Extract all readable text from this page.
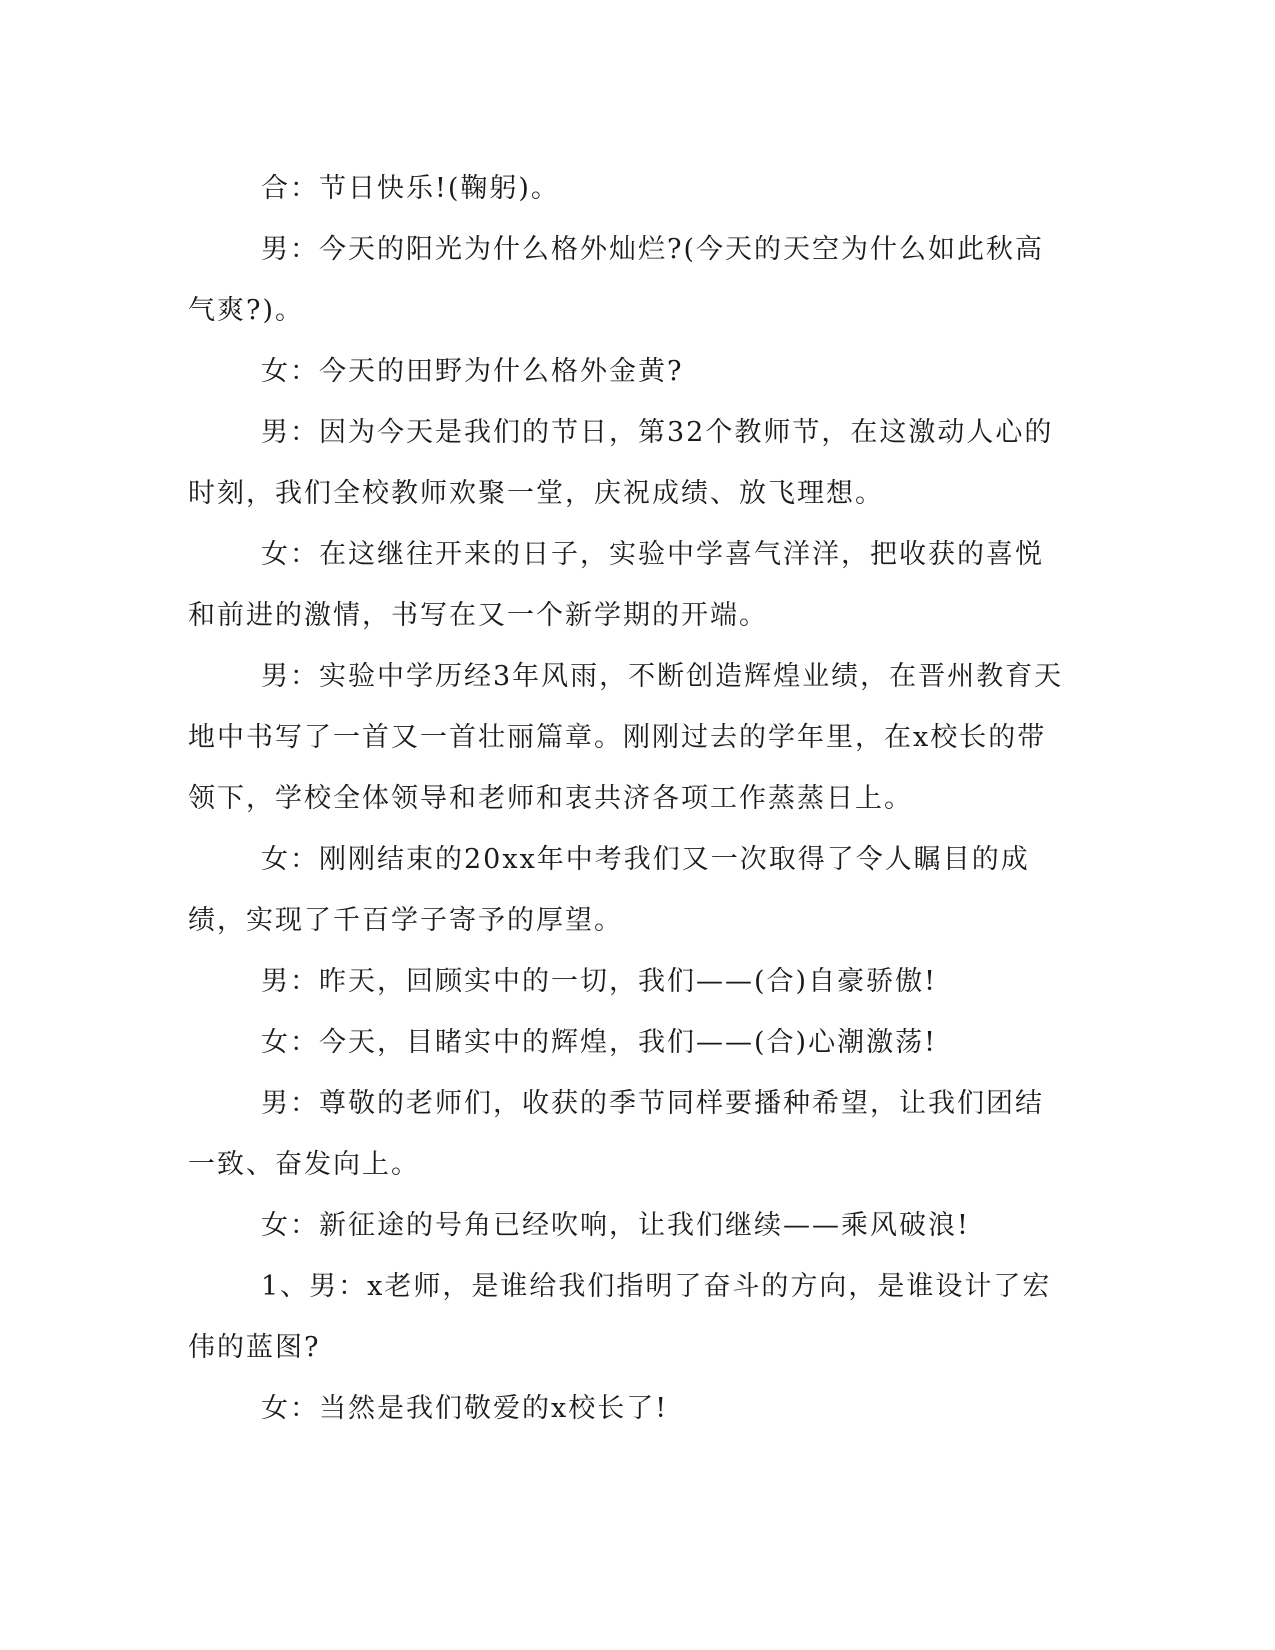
合：节日快乐!(鞠躬)。

男：今天的阳光为什么格外灿烂?(今天的天空为什么如此秋高气爽?)。

女：今天的田野为什么格外金黄?

男：因为今天是我们的节日，第32个教师节，在这激动人心的时刻，我们全校教师欢聚一堂，庆祝成绩、放飞理想。

女：在这继往开来的日子，实验中学喜气洋洋，把收获的喜悦和前进的激情，书写在又一个新学期的开端。

男：实验中学历经3年风雨，不断创造辉煌业绩，在晋州教育天地中书写了一首又一首壮丽篇章。刚刚过去的学年里，在x校长的带领下，学校全体领导和老师和衷共济各项工作蒸蒸日上。

女：刚刚结束的20xx年中考我们又一次取得了令人瞩目的成绩，实现了千百学子寄予的厚望。

男：昨天，回顾实中的一切，我们——(合)自豪骄傲!

女：今天，目睹实中的辉煌，我们——(合)心潮激荡!

男：尊敬的老师们，收获的季节同样要播种希望，让我们团结一致、奋发向上。

女：新征途的号角已经吹响，让我们继续——乘风破浪!

1、男：x老师，是谁给我们指明了奋斗的方向，是谁设计了宏伟的蓝图?

女：当然是我们敬爱的x校长了!
